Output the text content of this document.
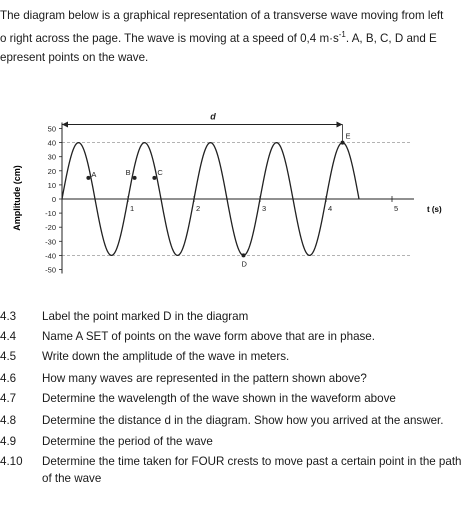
The diagram below is a graphical representation of a transverse wave moving from left
o right across the page. The wave is moving at a speed of 0,4 $m\cdot s^{-1}$. A, B, C, D and E
epresent points on the wave.
50
40
30
20
10
0
-10
-20
-30
-40
-50
1	2	3	4	5
A	B	C
D
E
d
Amplitude (cm)	t (s)
4.3 Label the point marked D in the diagram
4.4 Name A SET of points on the wave form above that are in phase.
4.5 Write down the amplitude of the wave in meters.
4.6 How many waves are represented in the pattern shown above?
4.7 Determine the wavelength of the wave shown in the waveform above
4.8 Determine the distance d in the diagram. Show how you arrived at the answer.
4.9 Determine the period of the wave
4.10 Determine the time taken for FOUR crests to move past a certain point in the path of the wave
